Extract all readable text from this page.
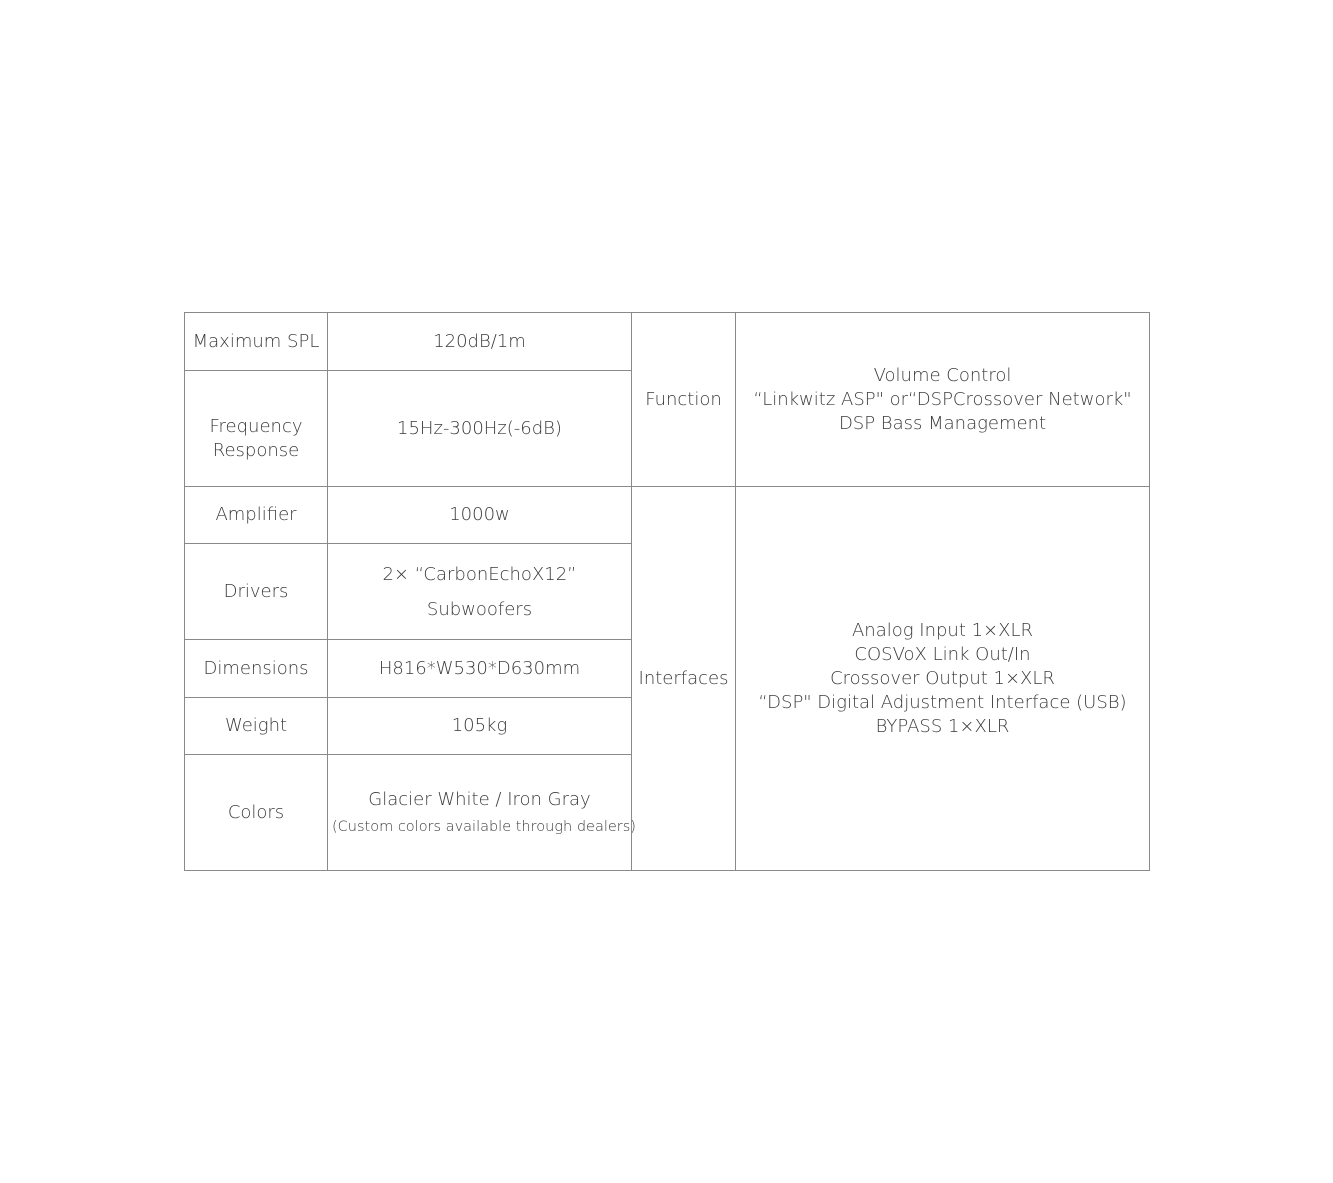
Maximum SPL	120dB/1m	Function	Volume Control
“Linkwitz ASP" or“DSPCrossover Network"
DSP Bass Management

Frequency
Response	15Hz-300Hz(-6dB)		
Amplifier	1000w	Interfaces	Analog Input 1×XLR
COSVoX Link Out/In
Crossover Output 1×XLR
“DSP" Digital Adjustment Interface (USB)
BYPASS 1×XLR

Drivers	2× “CarbonEchoX12”
Subwoofers		

Dimensions	H816*W530*D630mm		
Weight	105kg		
Colors	Glacier White / Iron Gray
(Custom colors available through dealers)		
